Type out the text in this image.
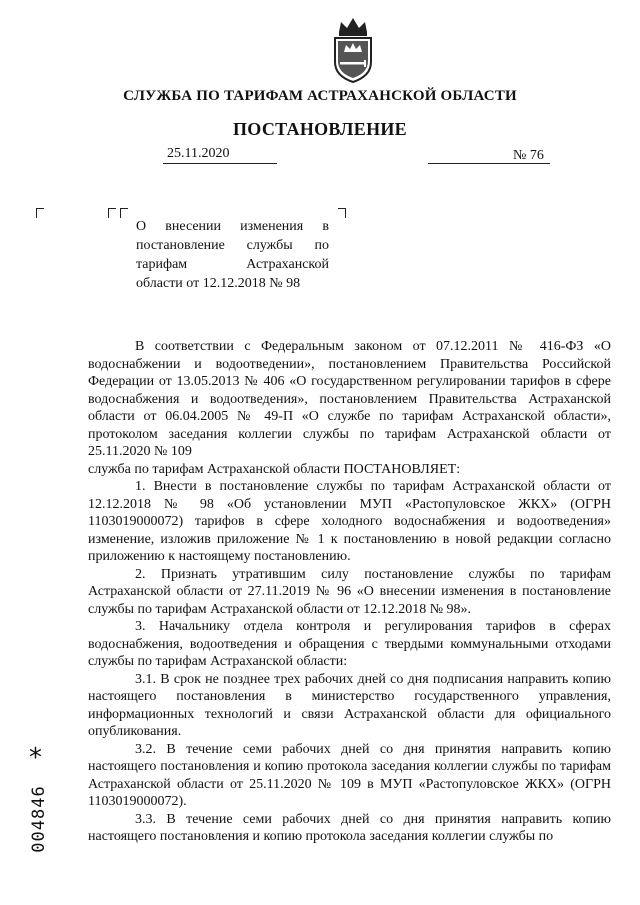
СЛУЖБА ПО ТАРИФАМ АСТРАХАНСКОЙ ОБЛАСТИ
ПОСТАНОВЛЕНИЕ
25.11.2020	№ 76
О внесении изменения в
постановление службы по
тарифам Астраханской
области от 12.12.2018 № 98

В соответствии с Федеральным законом от 07.12.2011 № 416-ФЗ «О водоснабжении и водоотведении», постановлением Правительства Российской Федерации от 13.05.2013 № 406 «О государственном регулировании тарифов в сфере водоснабжения и водоотведения», постановлением Правительства Астраханской области от 06.04.2005 № 49-П «О службе по тарифам Астраханской области», протоколом заседания коллегии службы по тарифам Астраханской области от 25.11.2020 № 109

служба по тарифам Астраханской области ПОСТАНОВЛЯЕТ:

1. Внести в постановление службы по тарифам Астраханской области от 12.12.2018 № 98 «Об установлении МУП «Растопуловское ЖКХ» (ОГРН 1103019000072) тарифов в сфере холодного водоснабжения и водоотведения» изменение, изложив приложение № 1 к постановлению в новой редакции согласно приложению к настоящему постановлению.

2. Признать утратившим силу постановление службы по тарифам Астраханской области от 27.11.2019 № 96 «О внесении изменения в постановление службы по тарифам Астраханской области от 12.12.2018 № 98».

3. Начальнику отдела контроля и регулирования тарифов в сферах водоснабжения, водоотведения и обращения с твердыми коммунальными отходами службы по тарифам Астраханской области:

3.1. В срок не позднее трех рабочих дней со дня подписания направить копию настоящего постановления в министерство государственного управления, информационных технологий и связи Астраханской области для официального опубликования.

3.2. В течение семи рабочих дней со дня принятия направить копию настоящего постановления и копию протокола заседания коллегии службы по тарифам Астраханской области от 25.11.2020 № 109 в МУП «Растопуловское ЖКХ» (ОГРН 1103019000072).

3.3. В течение семи рабочих дней со дня принятия направить копию настоящего постановления и копию протокола заседания коллегии службы по

*
004846
